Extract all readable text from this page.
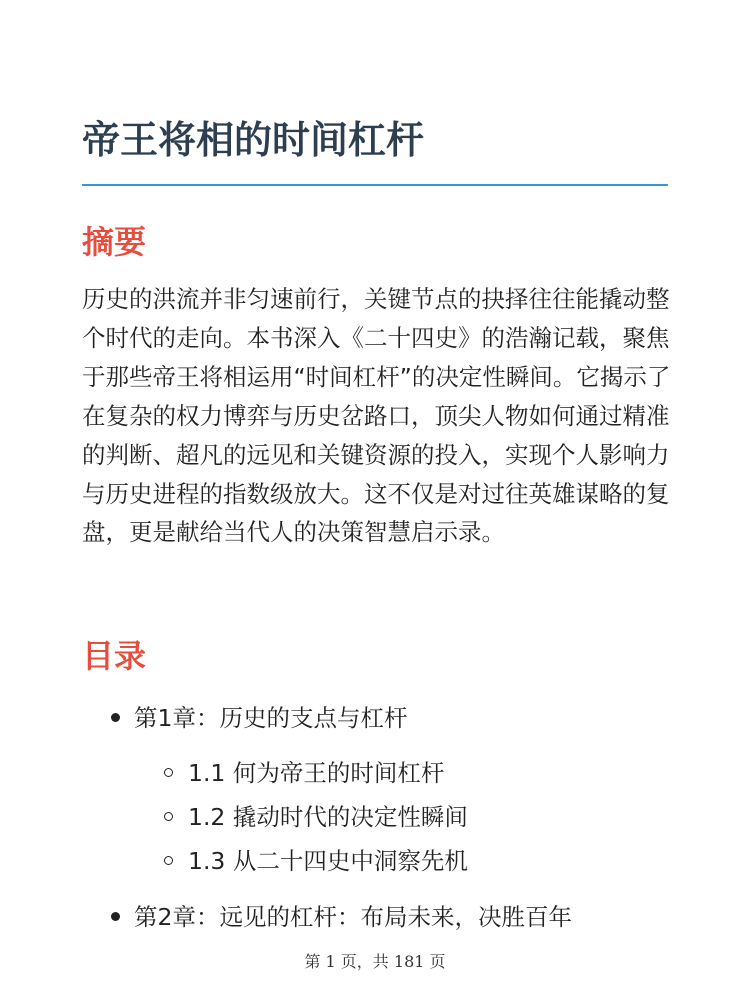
帝王将相的时间杠杆
摘要

历史的洪流并非匀速前行，关键节点的抉择往往能撬动整个时代的走向。本书深入《二十四史》的浩瀚记载，聚焦于那些帝王将相运用“时间杠杆”的决定性瞬间。它揭示了在复杂的权力博弈与历史岔路口，顶尖人物如何通过精准的判断、超凡的远见和关键资源的投入，实现个人影响力与历史进程的指数级放大。这不仅是对过往英雄谋略的复盘，更是献给当代人的决策智慧启示录。

目录
第1章：历史的支点与杠杆
1.1 何为帝王的时间杠杆
1.2 撬动时代的决定性瞬间
1.3 从二十四史中洞察先机
第2章：远见的杠杆：布局未来，决胜百年
第 1 页，共 181 页
